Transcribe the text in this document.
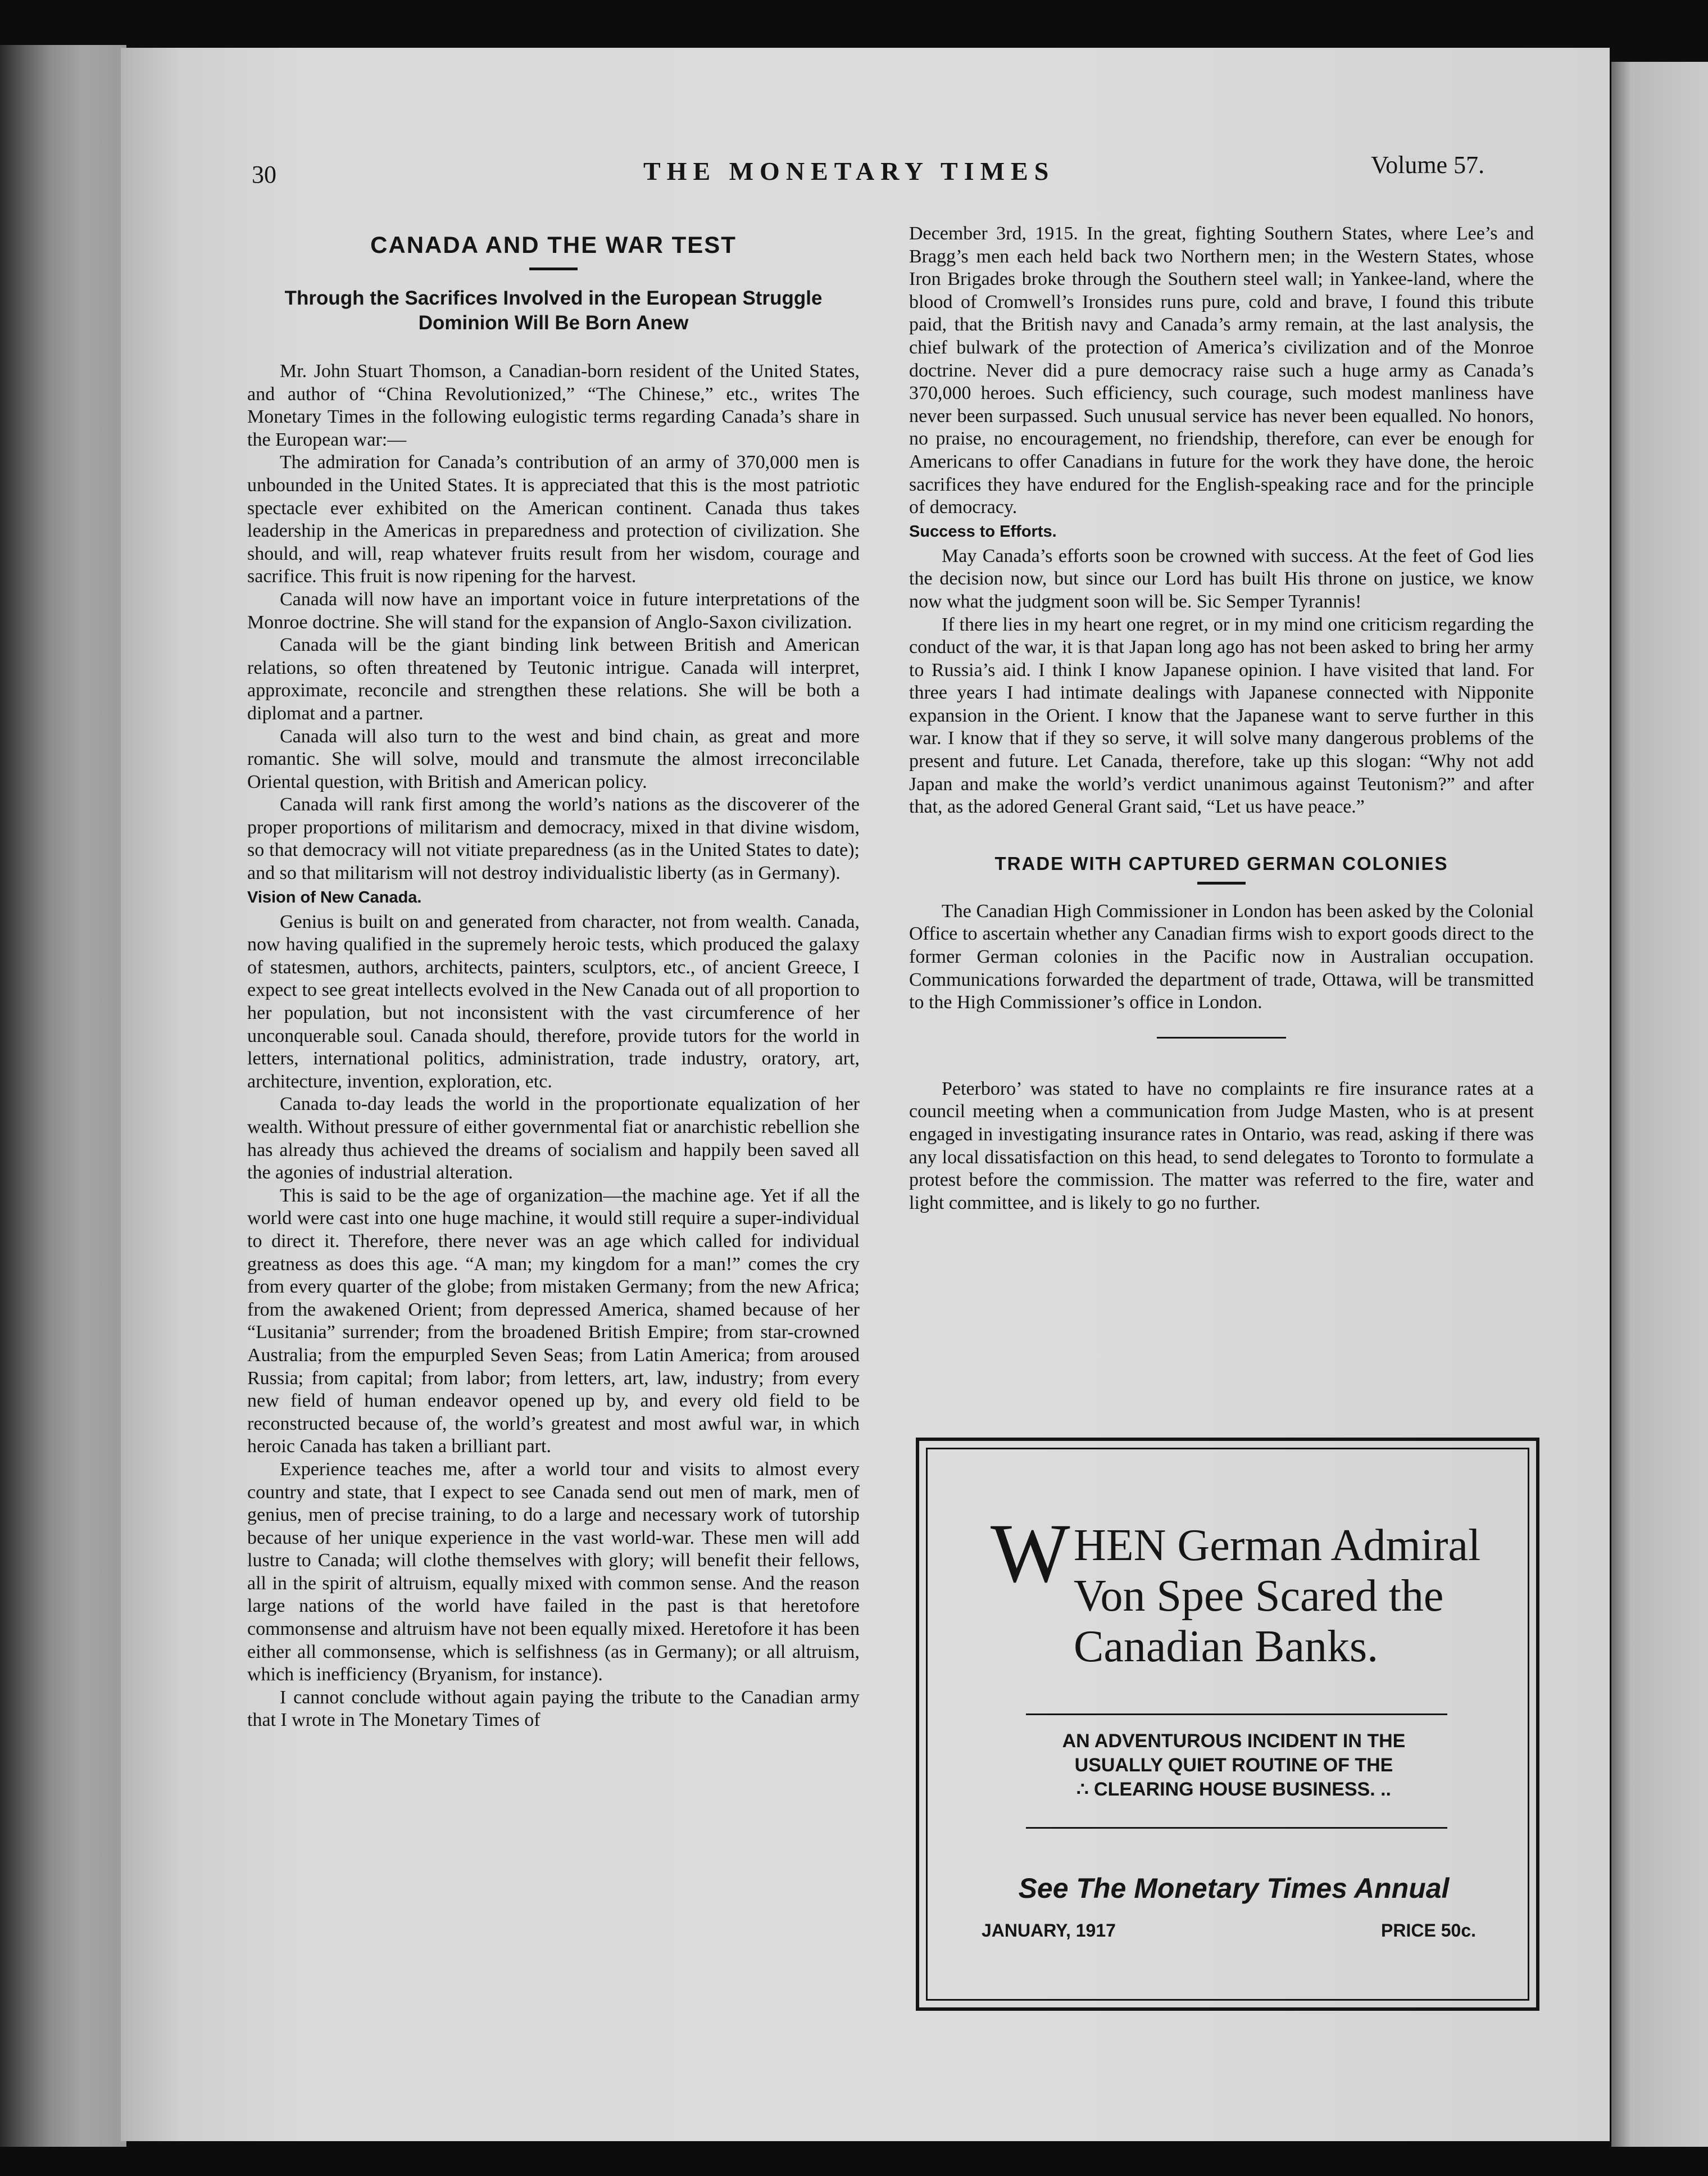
30	THE MONETARY TIMES	Volume 57.
CANADA AND THE WAR TEST
Through the Sacrifices Involved in the European Struggle
Dominion Will Be Born Anew

Mr. John Stuart Thomson, a Canadian-born resident of the United States, and author of “China Revolutionized,” “The Chinese,” etc., writes The Monetary Times in the following eulogistic terms regarding Canada’s share in the European war:—

The admiration for Canada’s contribution of an army of 370,000 men is unbounded in the United States. It is appreciated that this is the most patriotic spectacle ever exhibited on the American continent. Canada thus takes leadership in the Americas in preparedness and protection of civilization. She should, and will, reap whatever fruits result from her wisdom, courage and sacrifice. This fruit is now ripening for the harvest.

Canada will now have an important voice in future interpretations of the Monroe doctrine. She will stand for the expansion of Anglo-Saxon civilization.

Canada will be the giant binding link between British and American relations, so often threatened by Teutonic intrigue. Canada will interpret, approximate, reconcile and strengthen these relations. She will be both a diplomat and a partner.

Canada will also turn to the west and bind chain, as great and more romantic. She will solve, mould and transmute the almost irreconcilable Oriental question, with British and American policy.

Canada will rank first among the world’s nations as the discoverer of the proper proportions of militarism and democracy, mixed in that divine wisdom, so that democracy will not vitiate preparedness (as in the United States to date); and so that militarism will not destroy individualistic liberty (as in Germany).

Vision of New Canada.

Genius is built on and generated from character, not from wealth. Canada, now having qualified in the supremely heroic tests, which produced the galaxy of statesmen, authors, architects, painters, sculptors, etc., of ancient Greece, I expect to see great intellects evolved in the New Canada out of all proportion to her population, but not inconsistent with the vast circumference of her unconquerable soul. Canada should, therefore, provide tutors for the world in letters, international politics, administration, trade industry, oratory, art, architecture, invention, exploration, etc.

Canada to-day leads the world in the proportionate equalization of her wealth. Without pressure of either governmental fiat or anarchistic rebellion she has already thus achieved the dreams of socialism and happily been saved all the agonies of industrial alteration.

This is said to be the age of organization—the machine age. Yet if all the world were cast into one huge machine, it would still require a super-individual to direct it. Therefore, there never was an age which called for individual greatness as does this age. “A man; my kingdom for a man!” comes the cry from every quarter of the globe; from mistaken Germany; from the new Africa; from the awakened Orient; from depressed America, shamed because of her “Lusitania” surrender; from the broadened British Empire; from star-crowned Australia; from the empurpled Seven Seas; from Latin America; from aroused Russia; from capital; from labor; from letters, art, law, industry; from every new field of human endeavor opened up by, and every old field to be reconstructed because of, the world’s greatest and most awful war, in which heroic Canada has taken a brilliant part.

Experience teaches me, after a world tour and visits to almost every country and state, that I expect to see Canada send out men of mark, men of genius, men of precise training, to do a large and necessary work of tutorship because of her unique experience in the vast world-war. These men will add lustre to Canada; will clothe themselves with glory; will benefit their fellows, all in the spirit of altruism, equally mixed with common sense. And the reason large nations of the world have failed in the past is that heretofore commonsense and altruism have not been equally mixed. Heretofore it has been either all commonsense, which is selfishness (as in Germany); or all altruism, which is inefficiency (Bryanism, for instance).

I cannot conclude without again paying the tribute to the Canadian army that I wrote in The Monetary Times of

December 3rd, 1915. In the great, fighting Southern States, where Lee’s and Bragg’s men each held back two Northern men; in the Western States, whose Iron Brigades broke through the Southern steel wall; in Yankee-land, where the blood of Cromwell’s Ironsides runs pure, cold and brave, I found this tribute paid, that the British navy and Canada’s army remain, at the last analysis, the chief bulwark of the protection of America’s civilization and of the Monroe doctrine. Never did a pure democracy raise such a huge army as Canada’s 370,000 heroes. Such efficiency, such courage, such modest manliness have never been surpassed. Such unusual service has never been equalled. No honors, no praise, no encouragement, no friendship, therefore, can ever be enough for Americans to offer Canadians in future for the work they have done, the heroic sacrifices they have endured for the English-speaking race and for the principle of democracy.

Success to Efforts.

May Canada’s efforts soon be crowned with success. At the feet of God lies the decision now, but since our Lord has built His throne on justice, we know now what the judgment soon will be. Sic Semper Tyrannis!

If there lies in my heart one regret, or in my mind one criticism regarding the conduct of the war, it is that Japan long ago has not been asked to bring her army to Russia’s aid. I think I know Japanese opinion. I have visited that land. For three years I had intimate dealings with Japanese connected with Nipponite expansion in the Orient. I know that the Japanese want to serve further in this war. I know that if they so serve, it will solve many dangerous problems of the present and future. Let Canada, therefore, take up this slogan: “Why not add Japan and make the world’s verdict unanimous against Teutonism?” and after that, as the adored General Grant said, “Let us have peace.”

TRADE WITH CAPTURED GERMAN COLONIES

The Canadian High Commissioner in London has been asked by the Colonial Office to ascertain whether any Canadian firms wish to export goods direct to the former German colonies in the Pacific now in Australian occupation. Communications forwarded the department of trade, Ottawa, will be transmitted to the High Commissioner’s office in London.

Peterboro’ was stated to have no complaints re fire insurance rates at a council meeting when a communication from Judge Masten, who is at present engaged in investigating insurance rates in Ontario, was read, asking if there was any local dissatisfaction on this head, to send delegates to Toronto to formulate a protest before the commission. The matter was referred to the fire, water and light committee, and is likely to go no further.

W HEN German Admiral Von Spee Scared the Canadian Banks.
AN ADVENTUROUS INCIDENT IN THE
USUALLY QUIET ROUTINE OF THE
∴ CLEARING HOUSE BUSINESS. ..
See The Monetary Times Annual
JANUARY, 1917	PRICE 50c.
